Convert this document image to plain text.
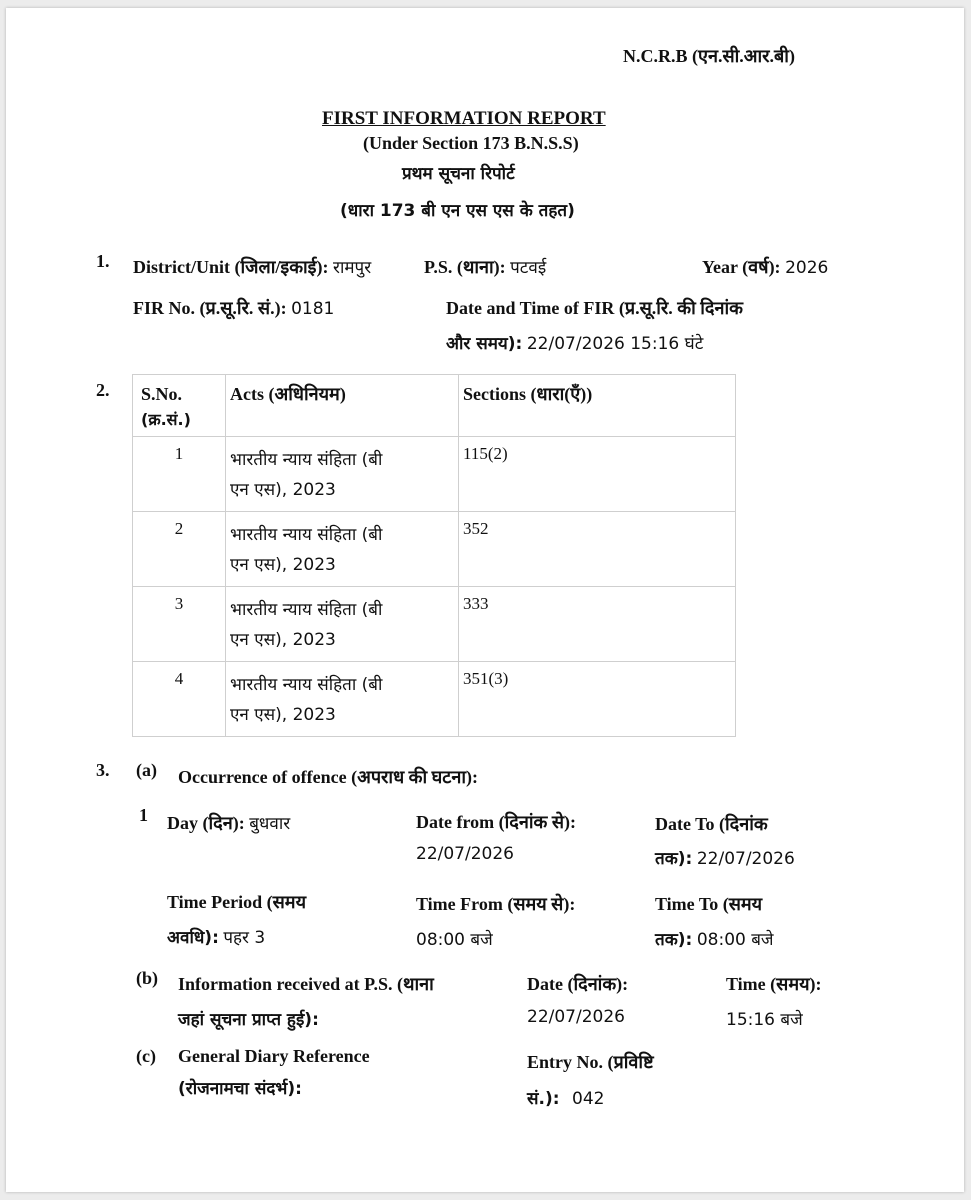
N.C.R.B (एन.सी.आर.बी)
FIRST INFORMATION REPORT
(Under Section 173 B.N.S.S)
प्रथम सूचना रिपोर्ट
(धारा 173 बी एन एस एस के तहत)
1. District/Unit (जिला/इकाई): रामपुर	P.S. (थाना): पटवई	Year (वर्ष): 2026
FIR No. (प्र.सू.रि. सं.): 0181	Date and Time of FIR (प्र.सू.रि. की दिनांक
और समय): 22/07/2026 15:16 घंटे
2. S.No.
(क्र.सं.)	Acts (अधिनियम)	Sections (धारा(एँ))

1	भारतीय न्याय संहिता (बी
एन एस), 2023	115(2)

2	भारतीय न्याय संहिता (बी
एन एस), 2023	352

3	भारतीय न्याय संहिता (बी
एन एस), 2023	333

4	भारतीय न्याय संहिता (बी
एन एस), 2023	351(3)
3. (a) Occurrence of offence (अपराध की घटना):
1 Day (दिन): बुधवार	Date from (दिनांक से):
22/07/2026
Date To (दिनांक
तक): 22/07/2026
Time Period (समय
अवधि): पहर 3
Time From (समय से):
08:00 बजे
Time To (समय
तक): 08:00 बजे
(b) Information received at P.S. (थाना
जहां सूचना प्राप्त हुई):
Date (दिनांक):
22/07/2026
Time (समय):
15:16 बजे
(c) General Diary Reference
(रोजनामचा संदर्भ):
Entry No. (प्रविष्टि
सं.): 042
